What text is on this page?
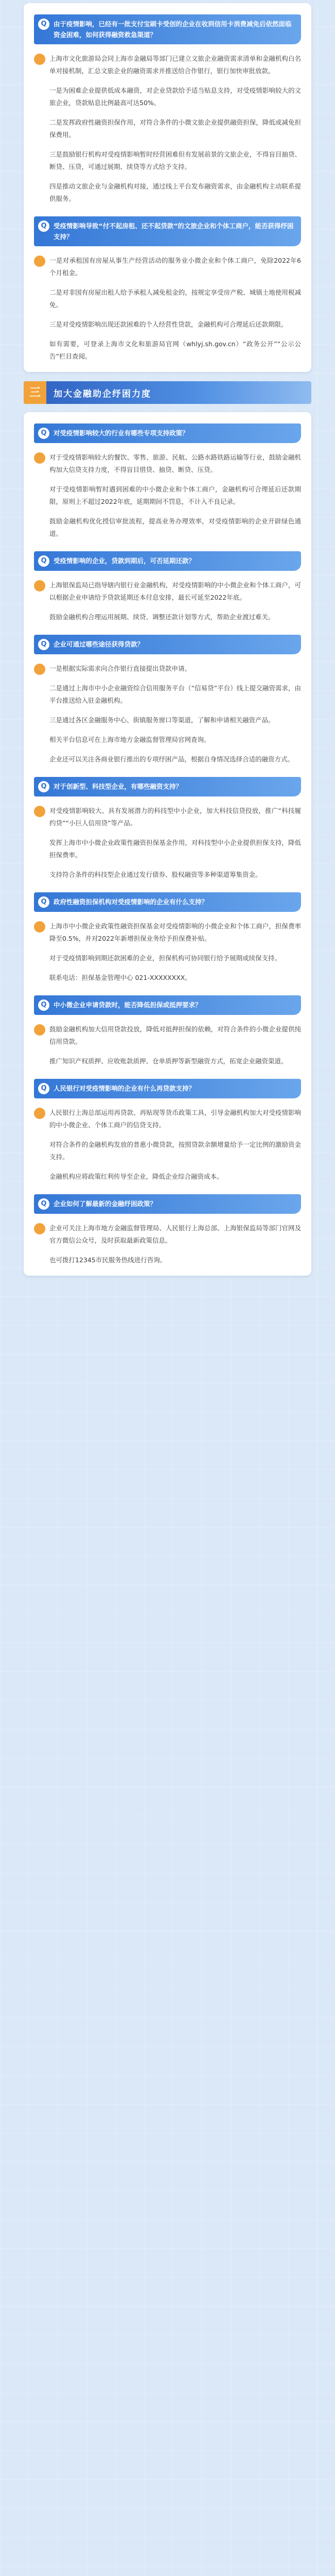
Q	由于疫情影响，已经有一批支付宝刷卡受创的企业在收到信用卡消费减免后依然面临资金困难，如何获得融资救急渠道？

上海市文化旅游局会同上海市金融局等部门已建立文旅企业融资需求清单和金融机构白名单对接机制，汇总文旅企业的融资需求并推送给合作银行，银行加快审批放款。

一是为困难企业提供低成本融资，对企业贷款给予适当贴息支持，对受疫情影响较大的文旅企业，贷款贴息比例最高可达50%。

二是发挥政府性融资担保作用，对符合条件的小微文旅企业提供融资担保，降低或减免担保费用。

三是鼓励银行机构对受疫情影响暂时经营困难但有发展前景的文旅企业，不得盲目抽贷、断贷、压贷，可通过展期、续贷等方式给予支持。

四是推动文旅企业与金融机构对接，通过线上平台发布融资需求，由金融机构主动联系提供服务。

Q	受疫情影响导致“付不起房租、还不起贷款”的文旅企业和个体工商户，能否获得纾困支持？

一是对承租国有房屋从事生产经营活动的服务业小微企业和个体工商户，免除2022年6个月租金。

二是对非国有房屋出租人给予承租人减免租金的，按规定享受房产税、城镇土地使用税减免。

三是对受疫情影响出现还款困难的个人经营性贷款，金融机构可合理延后还款期限。

如有需要，可登录上海市文化和旅游局官网（whlyj.sh.gov.cn）“政务公开”“公示公告”栏目查阅。

三	加大金融助企纾困力度
Q	对受疫情影响较大的行业有哪些专项支持政策？

对于受疫情影响较大的餐饮、零售、旅游、民航、公路水路铁路运输等行业，鼓励金融机构加大信贷支持力度，不得盲目惜贷、抽贷、断贷、压贷。

对于受疫情影响暂时遇到困难的中小微企业和个体工商户，金融机构可合理延后还款期限，原则上不超过2022年底，延期期间不罚息，不计入不良记录。

鼓励金融机构优化授信审批流程，提高业务办理效率，对受疫情影响的企业开辟绿色通道。

Q	受疫情影响的企业，贷款到期后，可否延期还款？

上海银保监局已指导辖内银行业金融机构，对受疫情影响的中小微企业和个体工商户，可以根据企业申请给予贷款延期还本付息安排，最长可延至2022年底。

鼓励金融机构合理运用展期、续贷、调整还款计划等方式，帮助企业渡过难关。

Q	企业可通过哪些途径获得贷款？

一是根据实际需求向合作银行直接提出贷款申请。

二是通过上海市中小企业融资综合信用服务平台（“信易贷”平台）线上提交融资需求，由平台推送给入驻金融机构。

三是通过各区金融服务中心、街镇服务窗口等渠道，了解和申请相关融资产品。

相关平台信息可在上海市地方金融监督管理局官网查询。

企业还可以关注各商业银行推出的专项纾困产品，根据自身情况选择合适的融资方式。

Q	对于创新型、科技型企业，有哪些融资支持？

对受疫情影响较大、具有发展潜力的科技型中小企业，加大科技信贷投放，推广“科技履约贷”“小巨人信用贷”等产品。

发挥上海市中小微企业政策性融资担保基金作用，对科技型中小企业提供担保支持，降低担保费率。

支持符合条件的科技型企业通过发行债券、股权融资等多种渠道筹集资金。

Q	政府性融资担保机构对受疫情影响的企业有什么支持？

上海市中小微企业政策性融资担保基金对受疫情影响的小微企业和个体工商户，担保费率降至0.5%，并对2022年新增担保业务给予担保费补贴。

对于受疫情影响到期还款困难的企业，担保机构可协同银行给予展期或续保支持。

联系电话：担保基金管理中心 021-XXXXXXXX。

Q	中小微企业申请贷款时，能否降低担保或抵押要求？

鼓励金融机构加大信用贷款投放，降低对抵押担保的依赖，对符合条件的小微企业提供纯信用贷款。

推广知识产权质押、应收账款质押、仓单质押等新型融资方式，拓宽企业融资渠道。

Q	人民银行对受疫情影响的企业有什么再贷款支持？

人民银行上海总部运用再贷款、再贴现等货币政策工具，引导金融机构加大对受疫情影响的中小微企业、个体工商户的信贷支持。

对符合条件的金融机构发放的普惠小微贷款，按照贷款余额增量给予一定比例的激励资金支持。

金融机构应将政策红利传导至企业，降低企业综合融资成本。

Q	企业如何了解最新的金融纾困政策？

企业可关注上海市地方金融监督管理局、人民银行上海总部、上海银保监局等部门官网及官方微信公众号，及时获取最新政策信息。

也可拨打12345市民服务热线进行咨询。
